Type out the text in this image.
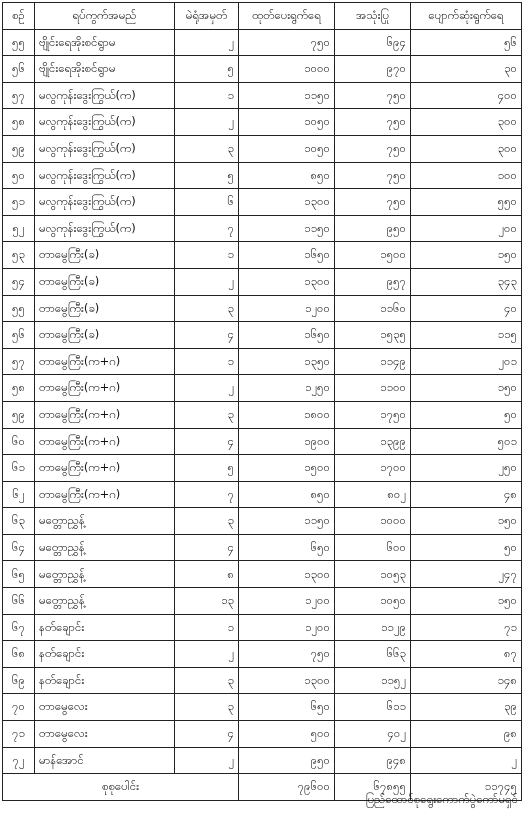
စဉ်	ရပ်ကွက်အမည်	မဲရုံအမှတ်	ထုတ်ပေးရွက်ရေ	အသုံးပြု	ပျောက်ဆုံးရွက်ရေ
၅၅	ဗျိုင်းရေအိုးစင်ရွာမ	၂	၇၅၀	၆၉၄	၅၆
၅၆	ဗျိုင်းရေအိုးစင်ရွာမ	၅	၁၀၀၀	၉၇၀	၃၀
၅၇	မလွကုန်းဒွေးကြွယ်(က)	၁	၁၁၅၀	၇၅၀	၄၀၀
၅၈	မလွကုန်းဒွေးကြွယ်(က)	၂	၁၀၅၀	၇၅၀	၃၀၀
၅၉	မလွကုန်းဒွေးကြွယ်(က)	၃	၁၀၅၀	၇၅၀	၃၀၀
၅၀	မလွကုန်းဒွေးကြွယ်(က)	၅	၈၅၀	၇၅၀	၁၀၀
၅၁	မလွကုန်းဒွေးကြွယ်(က)	၆	၁၃၀၀	၇၅၀	၅၅၀
၅၂	မလွကုန်းဒွေးကြွယ်(က)	၇	၁၁၅၀	၉၅၀	၂၀၀
၅၃	တာမွေကြီး(ခ)	၁	၁၆၅၀	၁၅၀၀	၁၅၀
၅၄	တာမွေကြီး(ခ)	၂	၁၃၀၀	၉၅၇	၃၄၃
၅၅	တာမွေကြီး(ခ)	၃	၁၂၀၀	၁၁၆၀	၄၀
၅၆	တာမွေကြီး(ခ)	၄	၁၆၅၀	၁၅၃၅	၁၁၅
၅၇	တာမွေကြီး(က+ဂ)	၁	၁၃၅၀	၁၁၄၉	၂၀၁
၅၈	တာမွေကြီး(က+ဂ)	၂	၁၂၅၀	၁၁၀၀	၁၅၀
၅၉	တာမွေကြီး(က+ဂ)	၃	၁၈၀၀	၁၇၅၀	၅၀
၆၀	တာမွေကြီး(က+ဂ)	၄	၁၉၀၀	၁၃၉၉	၅၀၁
၆၁	တာမွေကြီး(က+ဂ)	၅	၁၅၀၀	၁၇၀၀	၂၅၀
၆၂	တာမွေကြီး(က+ဂ)	၇	၈၅၀	၈၀၂	၄၈
၆၃	မတ္တောညွှန့်	၃	၁၁၅၀	၁၀၀၀	၁၅၀
၆၄	မတ္တောညွှန့်	၄	၆၅၀	၆၀၀	၅၀
၆၅	မတ္တောညွှန့်	၈	၁၃၀၀	၁၀၅၃	၂၄၇
၆၆	မတ္တောညွှန့်	၁၃	၁၂၀၀	၁၀၅၀	၁၅၀
၆၇	နတ်ချောင်း	၁	၁၂၀၀	၁၁၂၉	၇၁
၆၈	နတ်ချောင်း	၂	၇၅၀	၆၆၃	၈၇
၆၉	နတ်ချောင်း	၃	၁၃၀၀	၁၁၅၂	၁၄၈
၇၀	တာမွေလေး	၃	၆၅၀	၆၁၁	၃၉
၇၁	တာမွေလေး	၄	၅၀၀	၄၀၂	၉၈
၇၂	မာန်အောင်	၂	၉၅၀	၉၄၈	၂
စုစုပေါင်း			၇၉၆၀၀	၆၇၈၅၅	၁၁၇၄၅
ပြည်ထောင်စုရွေးကောက်ပွဲကော်မရှင်
